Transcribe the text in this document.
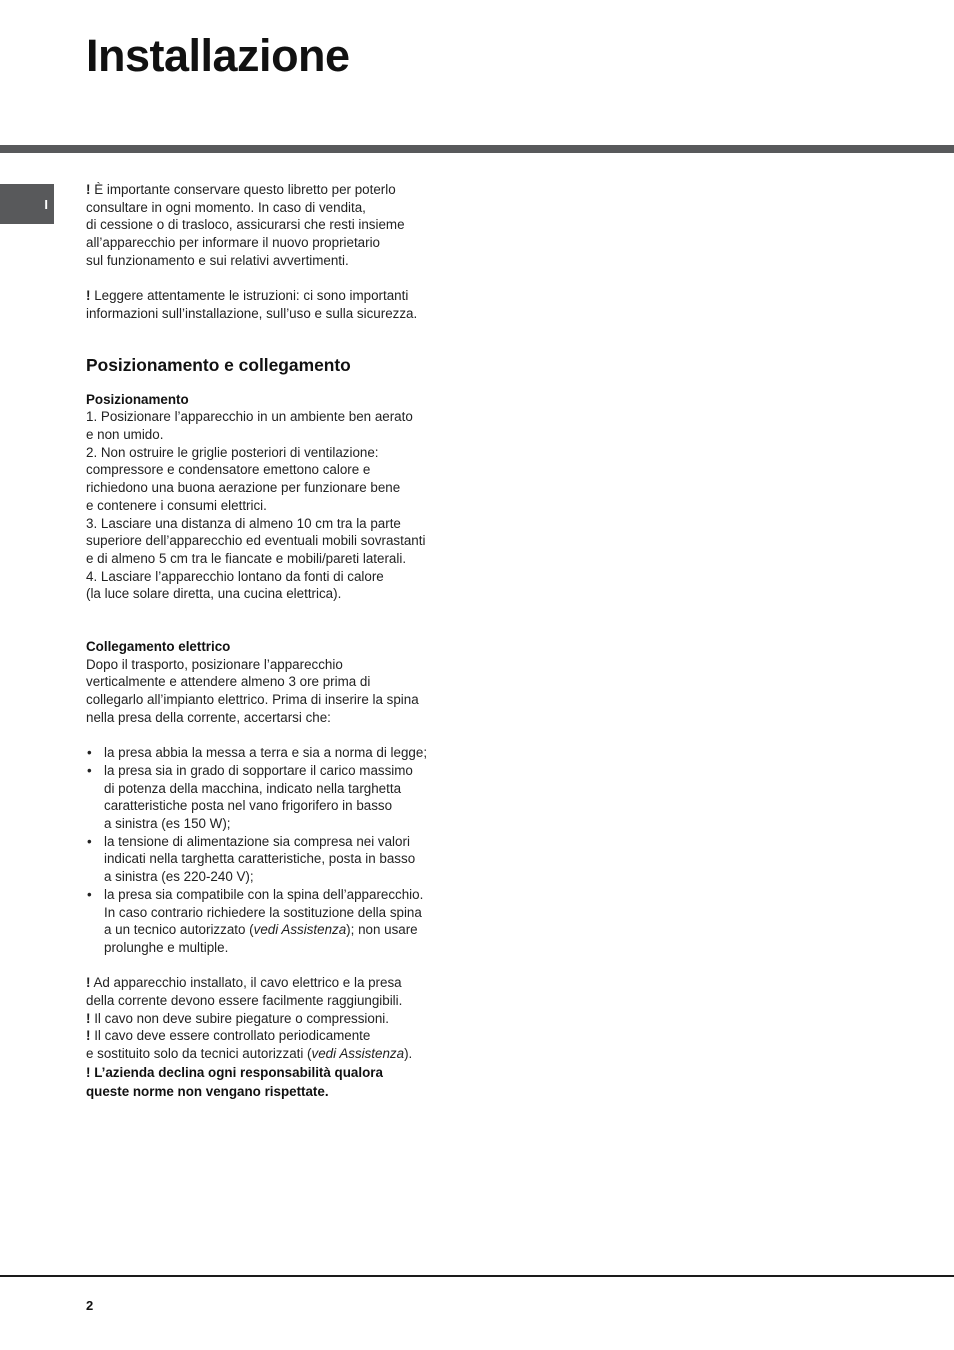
Installazione
I

! È importante conservare questo libretto per poterlo

consultare in ogni momento. In caso di vendita,

di cessione o di trasloco, assicurarsi che resti insieme

all’apparecchio per informare il nuovo proprietario

sul funzionamento e sui relativi avvertimenti.

! Leggere attentamente le istruzioni: ci sono importanti

informazioni sull’installazione, sull’uso e sulla sicurezza.

Posizionamento e collegamento

Posizionamento

1. Posizionare l’apparecchio in un ambiente ben aerato

e non umido.

2. Non ostruire le griglie posteriori di ventilazione:

compressore e condensatore emettono calore e

richiedono una buona aerazione per funzionare bene

e contenere i consumi elettrici.

3. Lasciare una distanza di almeno 10 cm tra la parte

superiore dell’apparecchio ed eventuali mobili sovrastanti

e di almeno 5 cm tra le fiancate e mobili/pareti laterali.

4. Lasciare l’apparecchio lontano da fonti di calore

(la luce solare diretta, una cucina elettrica).

Collegamento elettrico

Dopo il trasporto, posizionare l’apparecchio

verticalmente e attendere almeno 3 ore prima di

collegarlo all’impianto elettrico. Prima di inserire la spina

nella presa della corrente, accertarsi che:

• la presa abbia la messa a terra e sia a norma di legge;
• la presa sia in grado di sopportare il carico massimo
di potenza della macchina, indicato nella targhetta
caratteristiche posta nel vano frigorifero in basso
a sinistra (es 150 W);
• la tensione di alimentazione sia compresa nei valori
indicati nella targhetta caratteristiche, posta in basso
a sinistra (es 220-240 V);
• la presa sia compatibile con la spina dell’apparecchio.
In caso contrario richiedere la sostituzione della spina
a un tecnico autorizzato (vedi Assistenza); non usare
prolunghe e multiple.

! Ad apparecchio installato, il cavo elettrico e la presa

della corrente devono essere facilmente raggiungibili.

! Il cavo non deve subire piegature o compressioni.

! Il cavo deve essere controllato periodicamente

e sostituito solo da tecnici autorizzati (vedi Assistenza).

! L’azienda declina ogni responsabilità qualora

queste norme non vengano rispettate.

2
